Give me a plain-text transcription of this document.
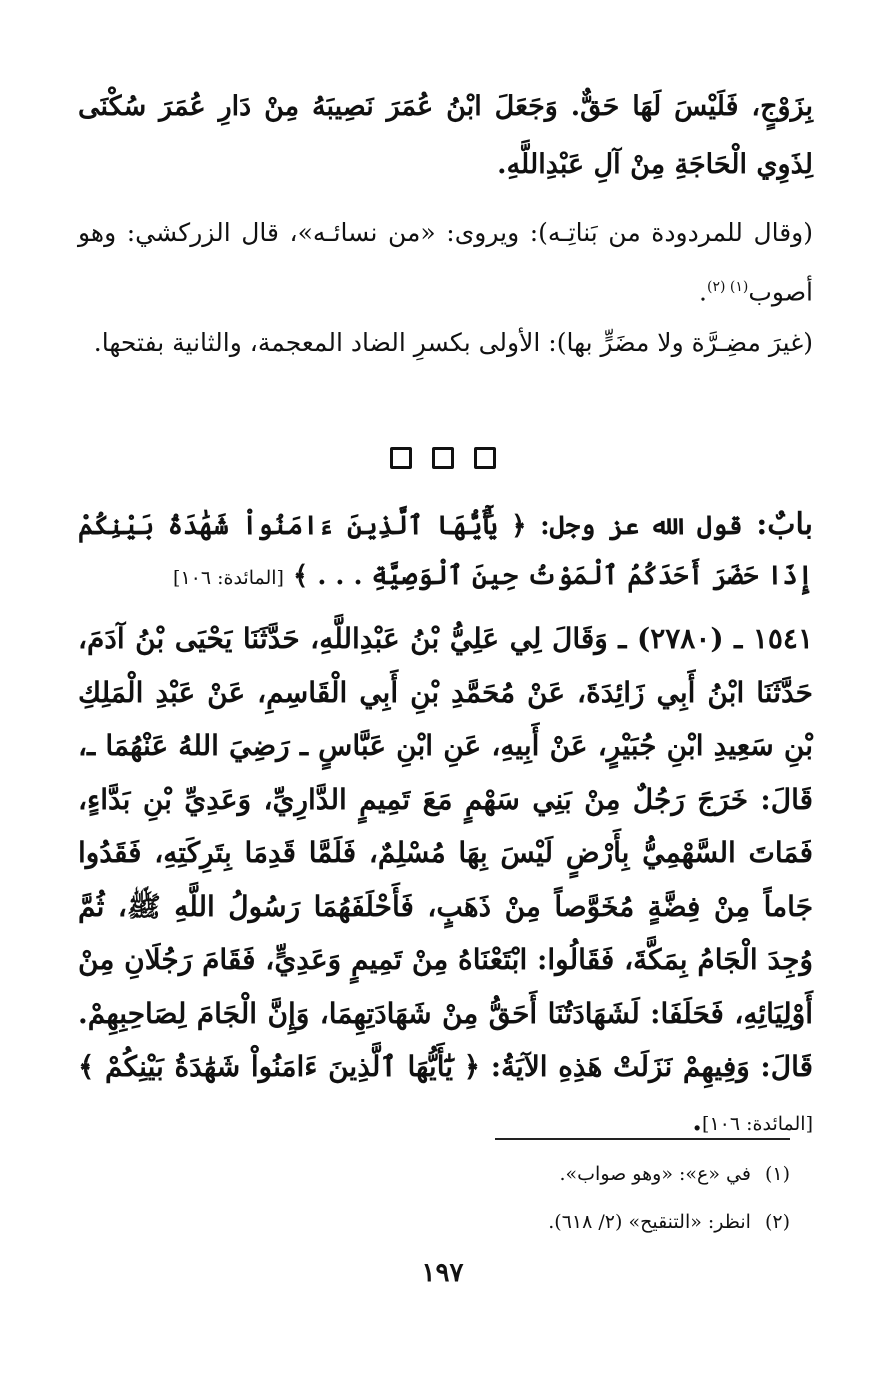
بِزَوْجٍ، فَلَيْسَ لَهَا حَقٌّ. وَجَعَلَ ابْنُ عُمَرَ نَصِيبَهُ مِنْ دَارِ عُمَرَ سُكْنَى لِذَوِي الْحَاجَةِ مِنْ آلِ عَبْدِاللَّهِ.

(وقال للمردودة من بَناتِـه): ويروى: «من نسائـه»، قال الزركشي: وهو أصوب$^{(١) (٢)}$.

(غيرَ مضِـرَّة ولا مضَرٍّ بها): الأولى بكسرِ الضاد المعجمة، والثانية بفتحها.

بابٌ: قول الله عز وجل: ﴿ يَٰٓأَيُّهَا ٱلَّذِينَ ءَامَنُواْ شَهَٰدَةُ بَيْنِكُمْ إِذَا حَضَرَ أَحَدَكُمُ ٱلْمَوْتُ حِينَ ٱلْوَصِيَّةِ . . . ﴾ [المائدة: ١٠٦]
١٥٤١ ـ (٢٧٨٠) ـ وَقَالَ لِي عَلِيُّ بْنُ عَبْدِاللَّهِ، حَدَّثَنَا يَحْيَى بْنُ آدَمَ، حَدَّثَنَا ابْنُ أَبِي زَائِدَةَ، عَنْ مُحَمَّدِ بْنِ أَبِي الْقَاسِمِ، عَنْ عَبْدِ الْمَلِكِ بْنِ سَعِيدِ ابْنِ جُبَيْرٍ، عَنْ أَبِيهِ، عَنِ ابْنِ عَبَّاسٍ ـ رَضِيَ اللهُ عَنْهُمَا ـ، قَالَ: خَرَجَ رَجُلٌ مِنْ بَنِي سَهْمٍ مَعَ تَمِيمٍ الدَّارِيِّ، وَعَدِيِّ بْنِ بَدَّاءٍ، فَمَاتَ السَّهْمِيُّ بِأَرْضٍ لَيْسَ بِهَا مُسْلِمٌ، فَلَمَّا قَدِمَا بِتَرِكَتِهِ، فَقَدُوا جَاماً مِنْ فِضَّةٍ مُخَوَّصاً مِنْ ذَهَبٍ، فَأَحْلَفَهُمَا رَسُولُ اللَّهِ ﷺ، ثُمَّ وُجِدَ الْجَامُ بِمَكَّةَ، فَقَالُوا: ابْتَعْنَاهُ مِنْ تَمِيمٍ وَعَدِيٍّ، فَقَامَ رَجُلَانِ مِنْ أَوْلِيَائِهِ، فَحَلَفَا: لَشَهَادَتُنَا أَحَقُّ مِنْ شَهَادَتِهِمَا، وَإِنَّ الْجَامَ لِصَاحِبِهِمْ. قَالَ: وَفِيهِمْ نَزَلَتْ هَذِهِ الآيَةُ: ﴿ يَٰٓأَيُّهَا ٱلَّذِينَ ءَامَنُواْ شَهَٰدَةُ بَيْنِكُمْ ﴾[المائدة: ١٠٦].

(١)في «ع»: «وهو صواب».

(٢)انظر: «التنقيح» (٢/ ٦١٨).

١٩٧
